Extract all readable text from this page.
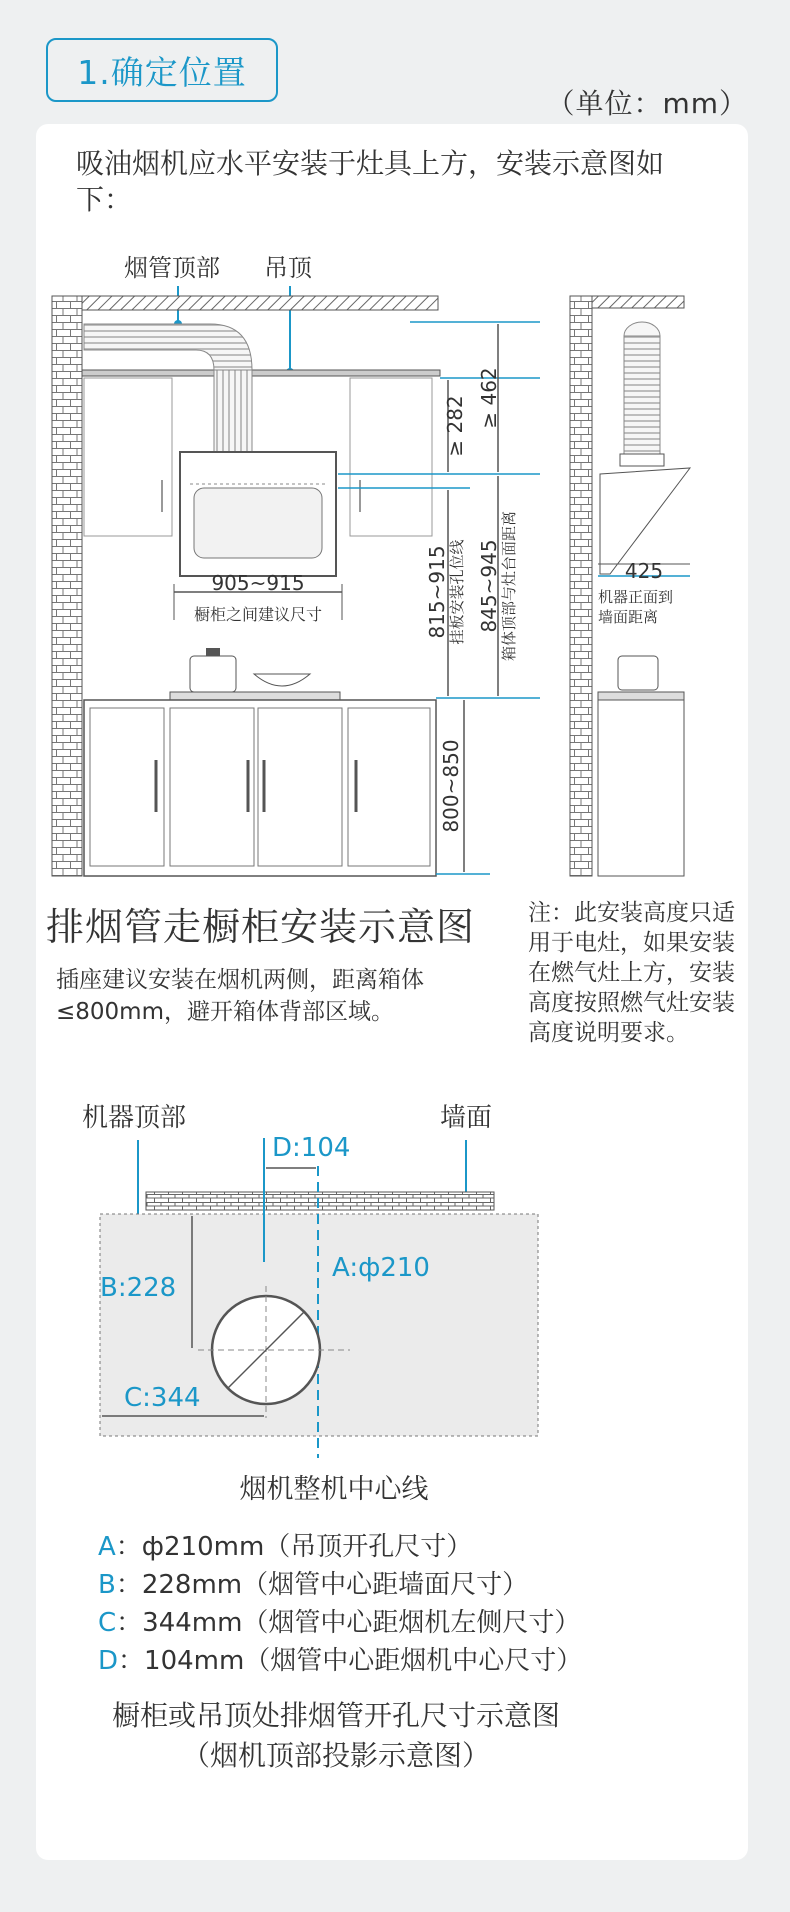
1.确定位置
（单位：mm）
吸油烟机应水平安装于灶具上方，安装示意图如下：
烟管顶部 吊顶
905~915
橱柜之间建议尺寸
≥ 282 ≥ 462
815~915 挂板安装孔位线 845~945 箱体顶部与灶台面距离
800~850
425
机器正面到
墙面距离
排烟管走橱柜安装示意图
插座建议安装在烟机两侧，距离箱体≤800mm，避开箱体背部区域。
注：此安装高度只适用于电灶，如果安装在燃气灶上方，安装高度按照燃气灶安装高度说明要求。
机器顶部	墙面
D:104
A:ф210
B:228
C:344
烟机整机中心线
A：ф210mm（吊顶开孔尺寸）
B：228mm（烟管中心距墙面尺寸）
C：344mm（烟管中心距烟机左侧尺寸）
D：104mm（烟管中心距烟机中心尺寸）
橱柜或吊顶处排烟管开孔尺寸示意图
（烟机顶部投影示意图）
